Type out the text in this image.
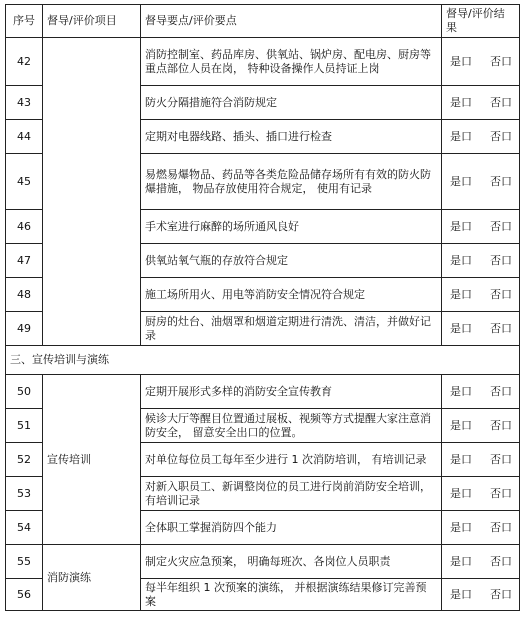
序号	督导/评价项目	督导要点/评价要点	督导/评价结果
42		消防控制室、药品库房、供氧站、锅炉房、配电房、厨房等重点部位人员在岗， 特种设备操作人员持证上岗	是口 否口
43		防火分隔措施符合消防规定	是口 否口
44		定期对电器线路、插头、插口进行检查	是口 否口
45		易燃易爆物品、药品等各类危险品储存场所有有效的防火防爆措施， 物品存放使用符合规定， 使用有记录	是口 否口
46		手术室进行麻醉的场所通风良好	是口 否口
47		供氧站氧气瓶的存放符合规定	是口 否口
48		施工场所用火、用电等消防安全情况符合规定	是口 否口
49		厨房的灶台、油烟罩和烟道定期进行清洗、清洁，并做好记录	是口 否口
三、宣传培训与演练			
50	宣传培训	定期开展形式多样的消防安全宣传教育	是口 否口
51		候诊大厅等醒目位置通过展板、视频等方式提醒大家注意消防安全， 留意安全出口的位置。	是口 否口
52		对单位每位员工每年至少进行 1 次消防培训， 有培训记录	是口 否口
53		对新入职员工、新调整岗位的员工进行岗前消防安全培训， 有培训记录	是口 否口
54		全体职工掌握消防四个能力	是口 否口
55	消防演练	制定火灾应急预案， 明确每班次、各岗位人员职责	是口 否口
56		每半年组织 1 次预案的演练， 并根据演练结果修订完善预案	是口 否口
